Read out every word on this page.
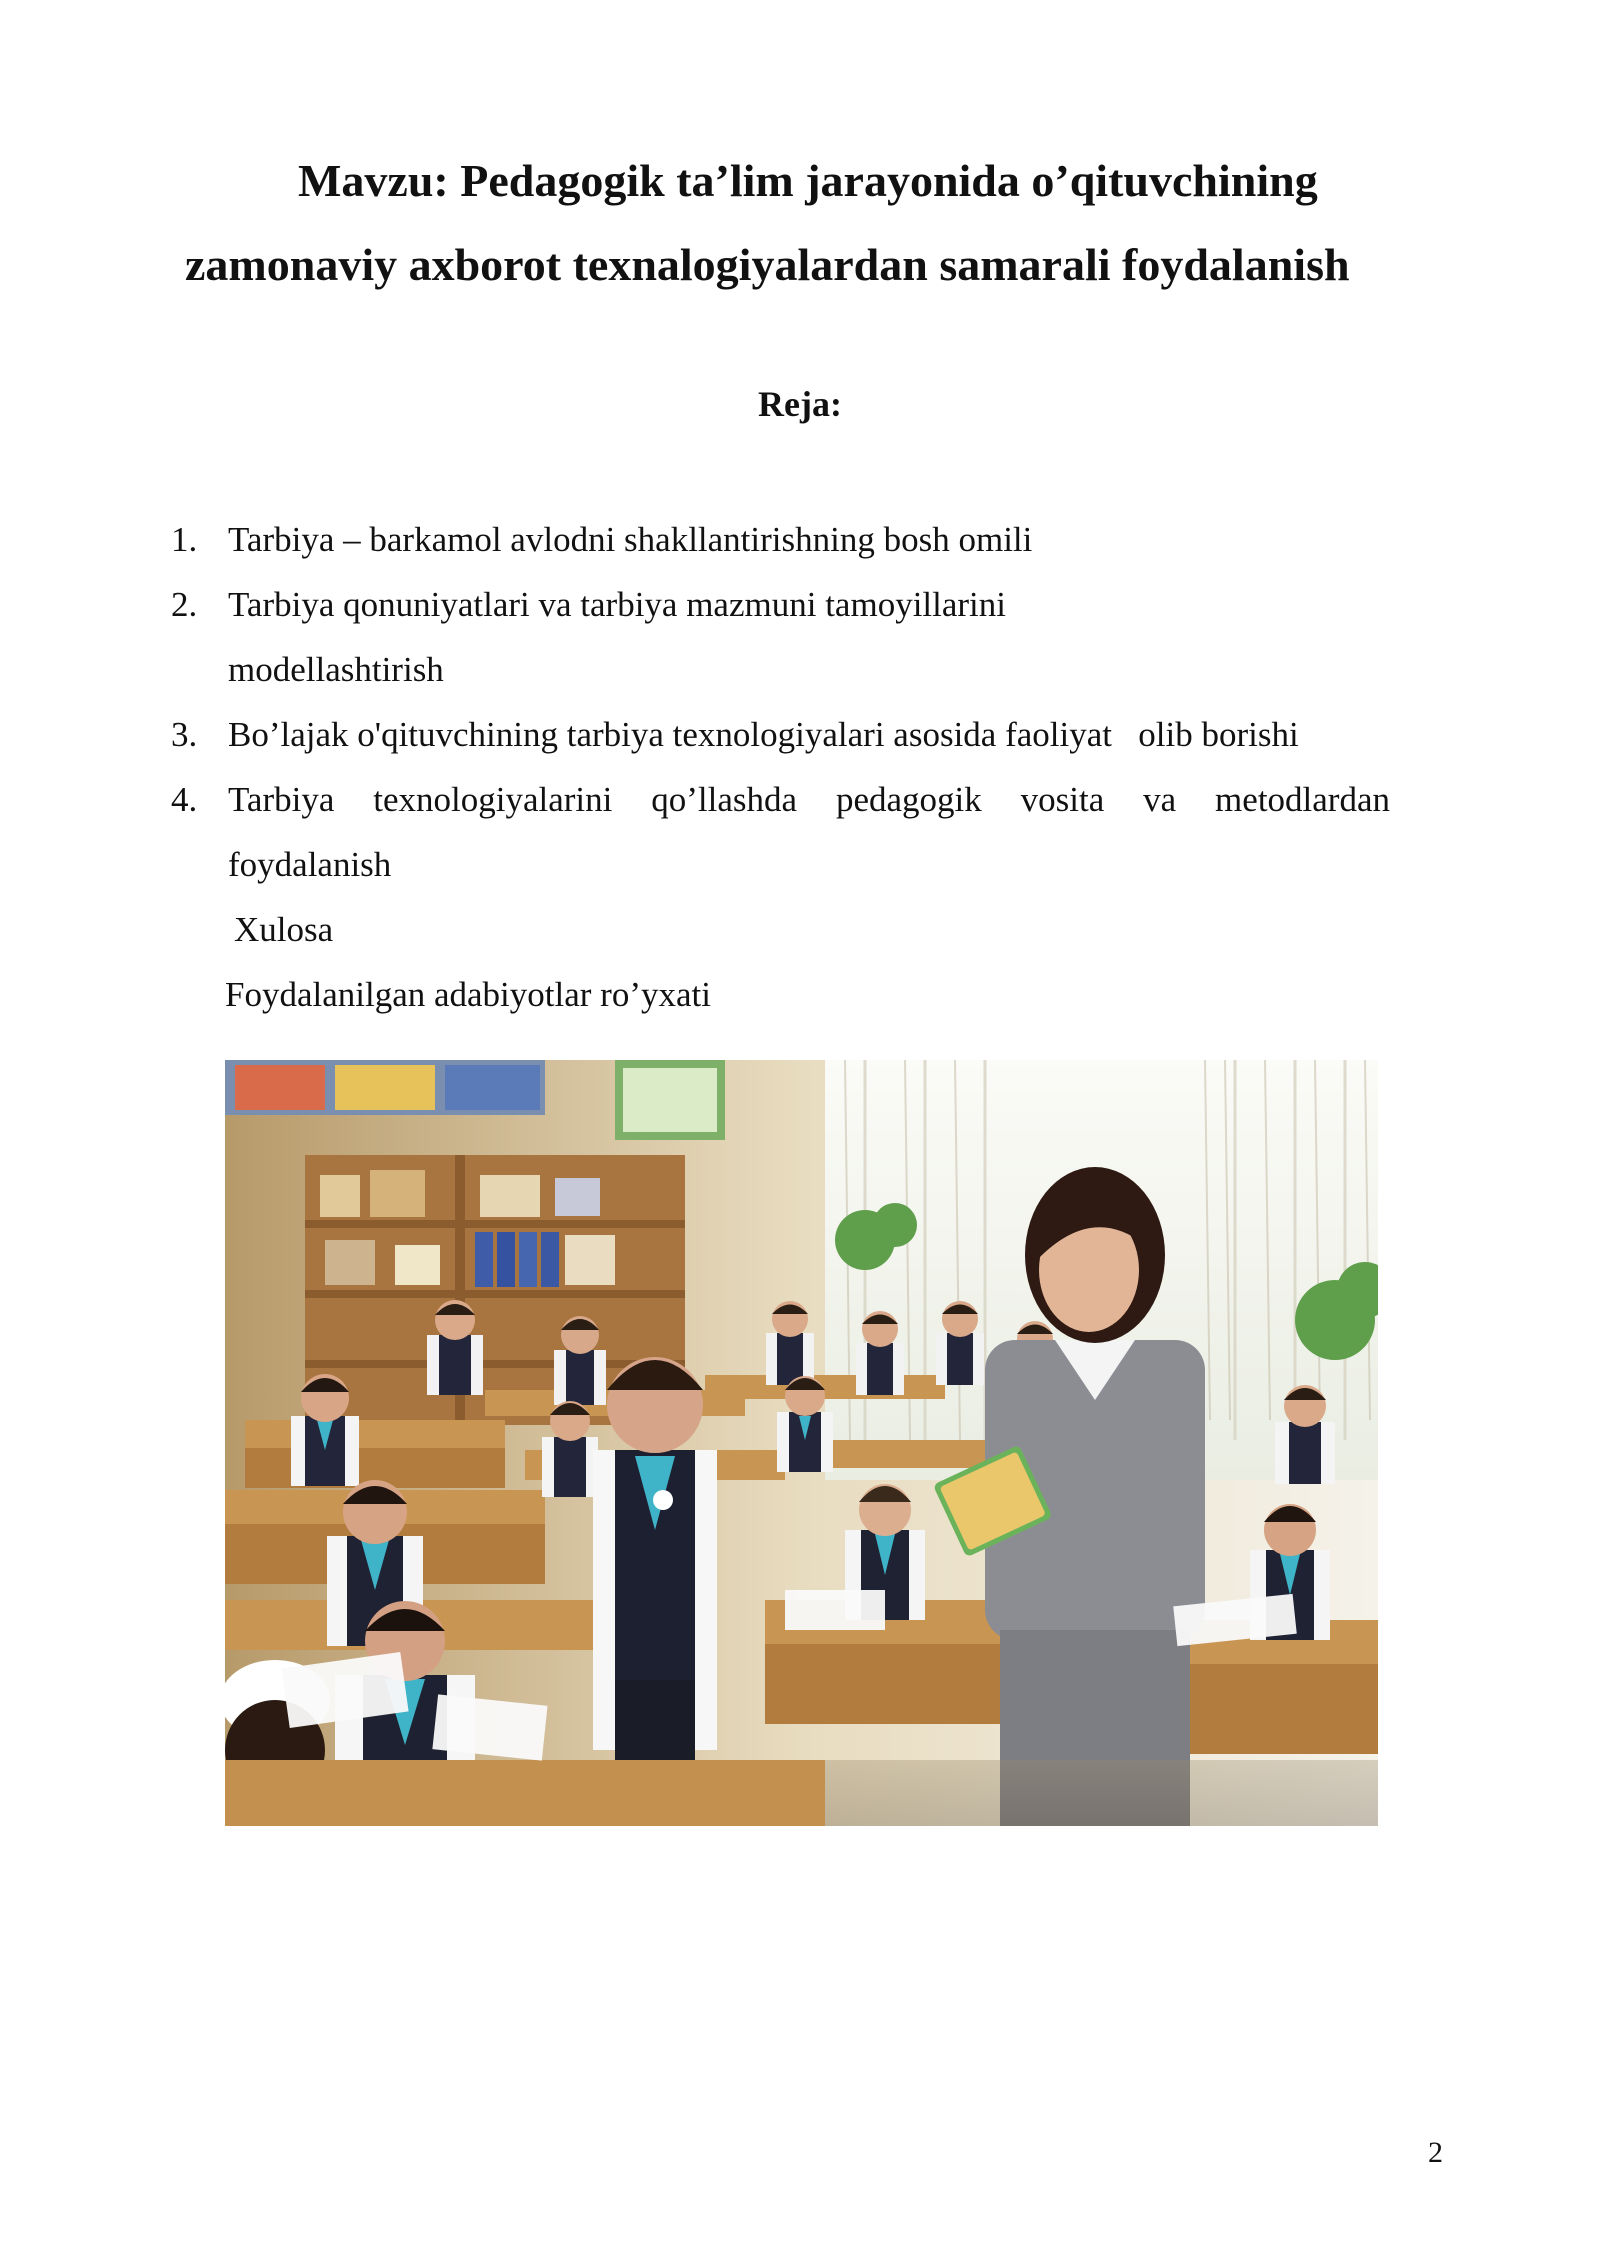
Mavzu: Pedagogik ta’lim jarayonida o’qituvchining
zamonaviy axborot texnalogiyalardan samarali foydalanish
Reja:
1. Tarbiya – barkamol avlodni shakllantirishning bosh omili
2. Tarbiya qonuniyatlari va tarbiya mazmuni tamoyillarini
modellashtirish
3. Bo’lajak o'qituvchining tarbiya texnologiyalari asosida faoliyat   olib borishi
4. Tarbiya texnologiyalarini qo’llashda pedagogik vosita va metodlardan
foydalanish
Xulosa
Foydalanilgan adabiyotlar ro’yxati
2
